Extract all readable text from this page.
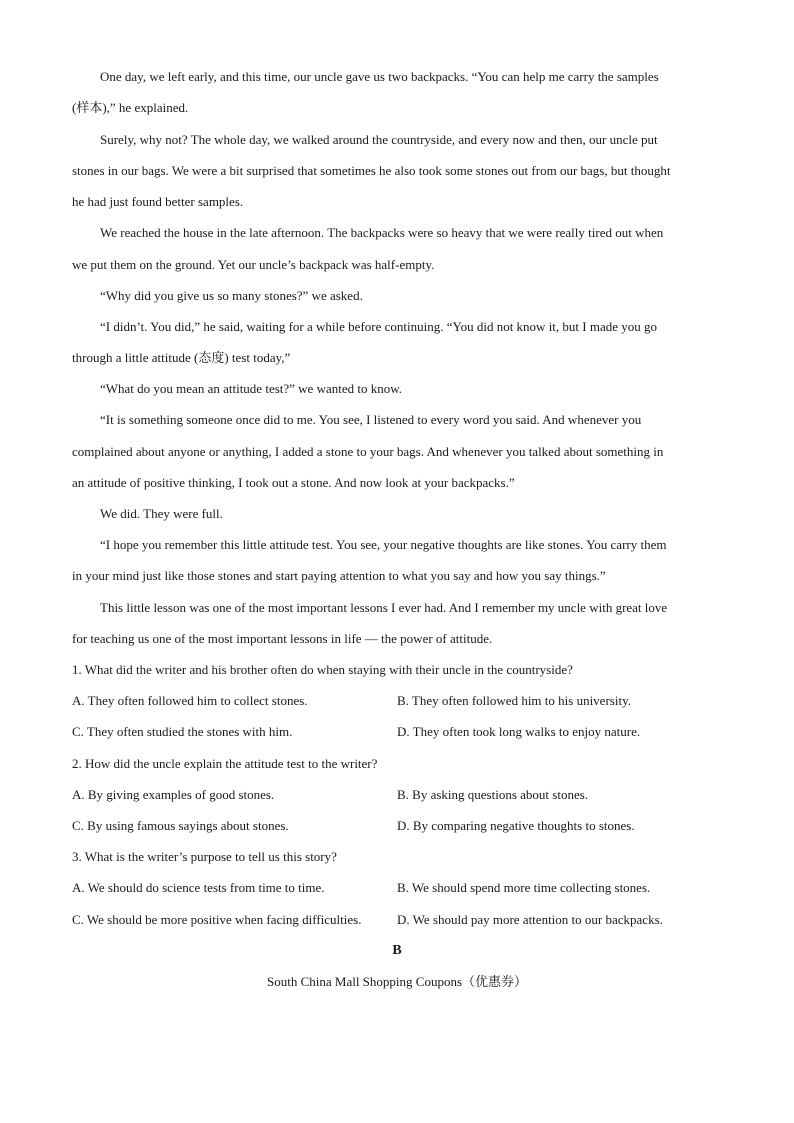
One day, we left early, and this time, our uncle gave us two backpacks. “You can help me carry the samples
(样本),” he explained.
Surely, why not? The whole day, we walked around the countryside, and every now and then, our uncle put
stones in our bags. We were a bit surprised that sometimes he also took some stones out from our bags, but thought
he had just found better samples.
We reached the house in the late afternoon. The backpacks were so heavy that we were really tired out when
we put them on the ground. Yet our uncle’s backpack was half-empty.
“Why did you give us so many stones?” we asked.
“I didn’t. You did,” he said, waiting for a while before continuing. “You did not know it, but I made you go
through a little attitude (态度) test today,”
“What do you mean an attitude test?” we wanted to know.
“It is something someone once did to me. You see, I listened to every word you said. And whenever you
complained about anyone or anything, I added a stone to your bags. And whenever you talked about something in
an attitude of positive thinking, I took out a stone. And now look at your backpacks.”
We did. They were full.
“I hope you remember this little attitude test. You see, your negative thoughts are like stones. You carry them
in your mind just like those stones and start paying attention to what you say and how you say things.”
This little lesson was one of the most important lessons I ever had. And I remember my uncle with great love
for teaching us one of the most important lessons in life — the power of attitude.
1. What did the writer and his brother often do when staying with their uncle in the countryside?
A. They often followed him to collect stones.	B. They often followed him to his university.
C. They often studied the stones with him.	D. They often took long walks to enjoy nature.
2. How did the uncle explain the attitude test to the writer?
A. By giving examples of good stones.	B. By asking questions about stones.
C. By using famous sayings about stones.	D. By comparing negative thoughts to stones.
3. What is the writer’s purpose to tell us this story?
A. We should do science tests from time to time.	B. We should spend more time collecting stones.
C. We should be more positive when facing difficulties.	D. We should pay more attention to our backpacks.
B
South China Mall Shopping Coupons（优惠券）
